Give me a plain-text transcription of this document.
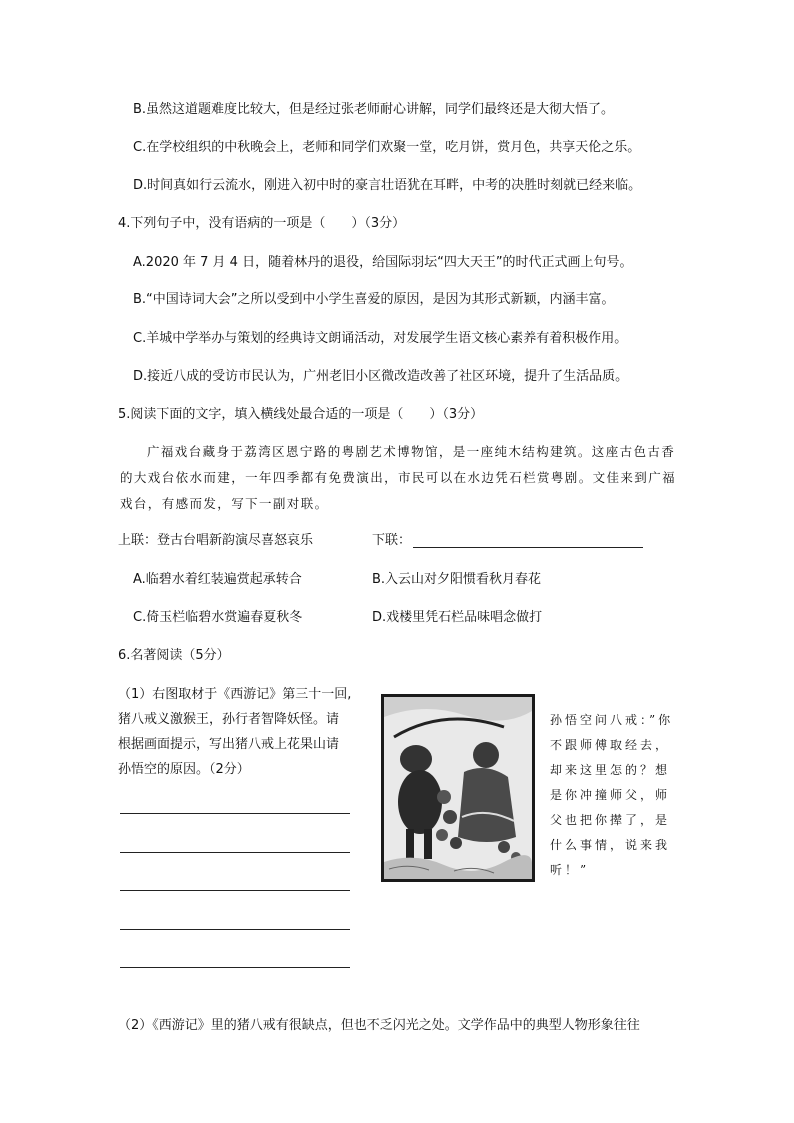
B.虽然这道题难度比较大，但是经过张老师耐心讲解，同学们最终还是大彻大悟了。
C.在学校组织的中秋晚会上，老师和同学们欢聚一堂，吃月饼，赏月色，共享天伦之乐。
D.时间真如行云流水，刚进入初中时的豪言壮语犹在耳畔，中考的决胜时刻就已经来临。
4.下列句子中，没有语病的一项是（　　）（3分）
A.2020 年 7 月 4 日，随着林丹的退役，给国际羽坛“四大天王”的时代正式画上句号。
B.“中国诗词大会”之所以受到中小学生喜爱的原因，是因为其形式新颖，内涵丰富。
C.羊城中学举办与策划的经典诗文朗诵活动，对发展学生语文核心素养有着积极作用。
D.接近八成的受访市民认为，广州老旧小区微改造改善了社区环境，提升了生活品质。
5.阅读下面的文字，填入横线处最合适的一项是（　　）（3分）
广福戏台藏身于荔湾区恩宁路的粤剧艺术博物馆，是一座纯木结构建筑。这座古色古香
的大戏台依水而建，一年四季都有免费演出，市民可以在水边凭石栏赏粤剧。文佳来到广福
戏台，有感而发，写下一副对联。
上联：登古台唱新韵演尽喜怒哀乐	下联：
A.临碧水着红装遍赏起承转合	B.入云山对夕阳惯看秋月春花
C.倚玉栏临碧水赏遍春夏秋冬	D.戏楼里凭石栏品味唱念做打
6.名著阅读（5分）
（1）右图取材于《西游记》第三十一回,
猪八戒义激猴王，孙行者智降妖怪。请
根据画面提示，写出猪八戒上花果山请
孙悟空的原因。（2分）
孙悟空问八戒：”你不跟师傅取经去，却来这里怎的？想是你冲撞师父，师父也把你撵了，是什么事情，说来我听！”
（2）《西游记》里的猪八戒有很缺点，但也不乏闪光之处。文学作品中的典型人物形象往往
